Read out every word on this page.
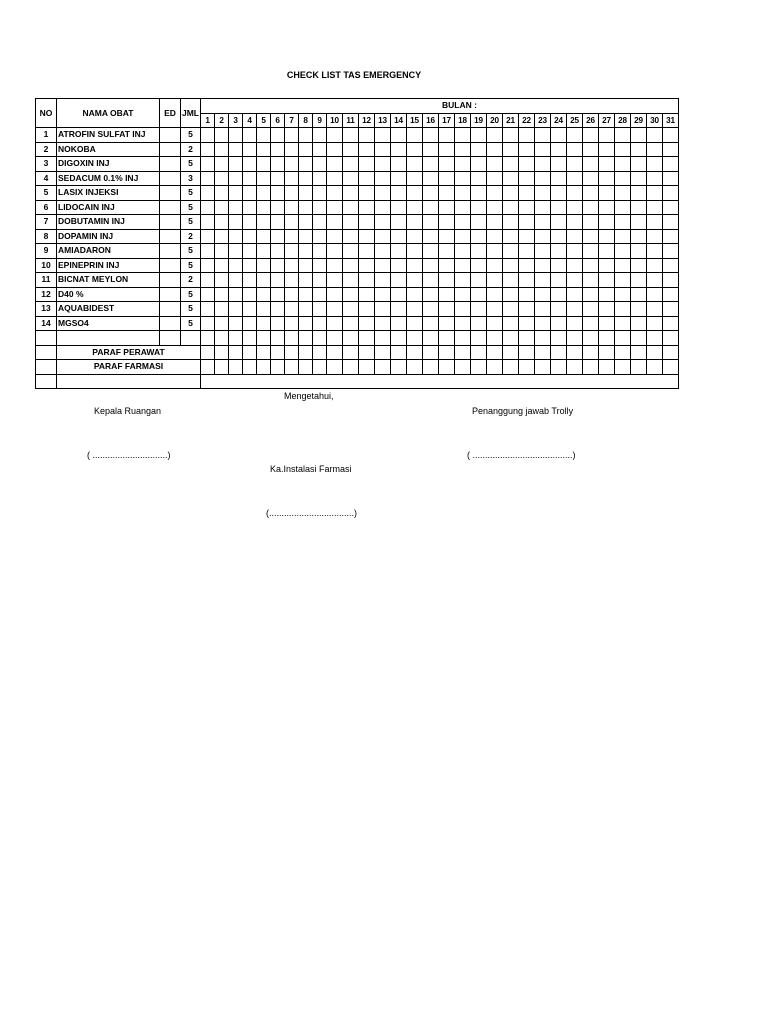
CHECK LIST TAS EMERGENCY
NO	NAMA OBAT	ED	JML	BULAN :																														
				1	2	3	4	5	6	7	8	9	10	11	12	13	14	15	16	17	18	19	20	21	22	23	24	25	26	27	28	29	30	31
1	ATROFIN SULFAT INJ		5																															
2	NOKOBA		2																															
3	DIGOXIN INJ		5																															
4	SEDACUM 0.1% INJ		3																															
5	LASIX INJEKSI		5																															
6	LIDOCAIN INJ		5																															
7	DOBUTAMIN INJ		5																															
8	DOPAMIN INJ		2																															
9	AMIADARON		5																															
10	EPINEPRIN INJ		5																															
11	BICNAT MEYLON		2																															
12	D40 %		5																															
13	AQUABIDEST		5																															
14	MGSO4		5																															

	PARAF PERAWAT																																	
	PARAF FARMASI																																	

Mengetahui,
Kepala Ruangan	Penanggung jawab Trolly
( ..............................)	( ........................................)
Ka.Instalasi Farmasi
(..................................)
